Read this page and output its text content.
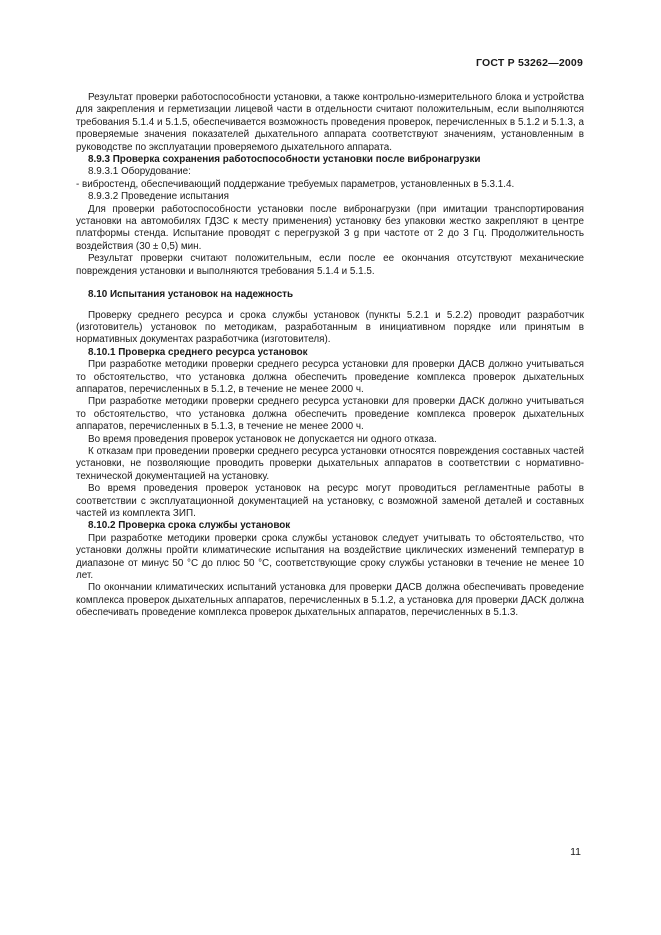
ГОСТ Р 53262—2009

Результат проверки работоспособности установки, а также контрольно-измерительного блока и устройства для закрепления и герметизации лицевой части в отдельности считают положительным, если выполняются требования 5.1.4 и 5.1.5, обеспечивается возможность проведения проверок, перечисленных в 5.1.2 и 5.1.3, а проверяемые значения показателей дыхательного аппарата соответствуют значениям, установленным в руководстве по эксплуатации проверяемого дыхательного аппарата.

8.9.3 Проверка сохранения работоспособности установки после вибронагрузки

8.9.3.1 Оборудование:

- вибростенд, обеспечивающий поддержание требуемых параметров, установленных в 5.3.1.4.

8.9.3.2 Проведение испытания

Для проверки работоспособности установки после вибронагрузки (при имитации транспортирования установки на автомобилях ГДЗС к месту применения) установку без упаковки жестко закрепляют в центре платформы стенда. Испытание проводят с перегрузкой 3 g при частоте от 2 до 3 Гц. Продолжительность воздействия (30 ± 0,5) мин.

Результат проверки считают положительным, если после ее окончания отсутствуют механические повреждения установки и выполняются требования 5.1.4 и 5.1.5.

8.10 Испытания установок на надежность

Проверку среднего ресурса и срока службы установок (пункты 5.2.1 и 5.2.2) проводит разработчик (изготовитель) установок по методикам, разработанным в инициативном порядке или принятым в нормативных документах разработчика (изготовителя).

8.10.1 Проверка среднего ресурса установок

При разработке методики проверки среднего ресурса установки для проверки ДАСВ должно учитываться то обстоятельство, что установка должна обеспечить проведение комплекса проверок дыхательных аппаратов, перечисленных в 5.1.2, в течение не менее 2000 ч.

При разработке методики проверки среднего ресурса установки для проверки ДАСК должно учитываться то обстоятельство, что установка должна обеспечить проведение комплекса проверок дыхательных аппаратов, перечисленных в 5.1.3, в течение не менее 2000 ч.

Во время проведения проверок установок не допускается ни одного отказа.

К отказам при проведении проверки среднего ресурса установки относятся повреждения составных частей установки, не позволяющие проводить проверки дыхательных аппаратов в соответствии с нормативно-технической документацией на установку.

Во время проведения проверок установок на ресурс могут проводиться регламентные работы в соответствии с эксплуатационной документацией на установку, с возможной заменой деталей и составных частей из комплекта ЗИП.

8.10.2 Проверка срока службы установок

При разработке методики проверки срока службы установок следует учитывать то обстоятельство, что установки должны пройти климатические испытания на воздействие циклических изменений температур в диапазоне от минус 50 °С до плюс 50 °С, соответствующие сроку службы установки в течение не менее 10 лет.

По окончании климатических испытаний установка для проверки ДАСВ должна обеспечивать проведение комплекса проверок дыхательных аппаратов, перечисленных в 5.1.2, а установка для проверки ДАСК должна обеспечивать проведение комплекса проверок дыхательных аппаратов, перечисленных в 5.1.3.

11
